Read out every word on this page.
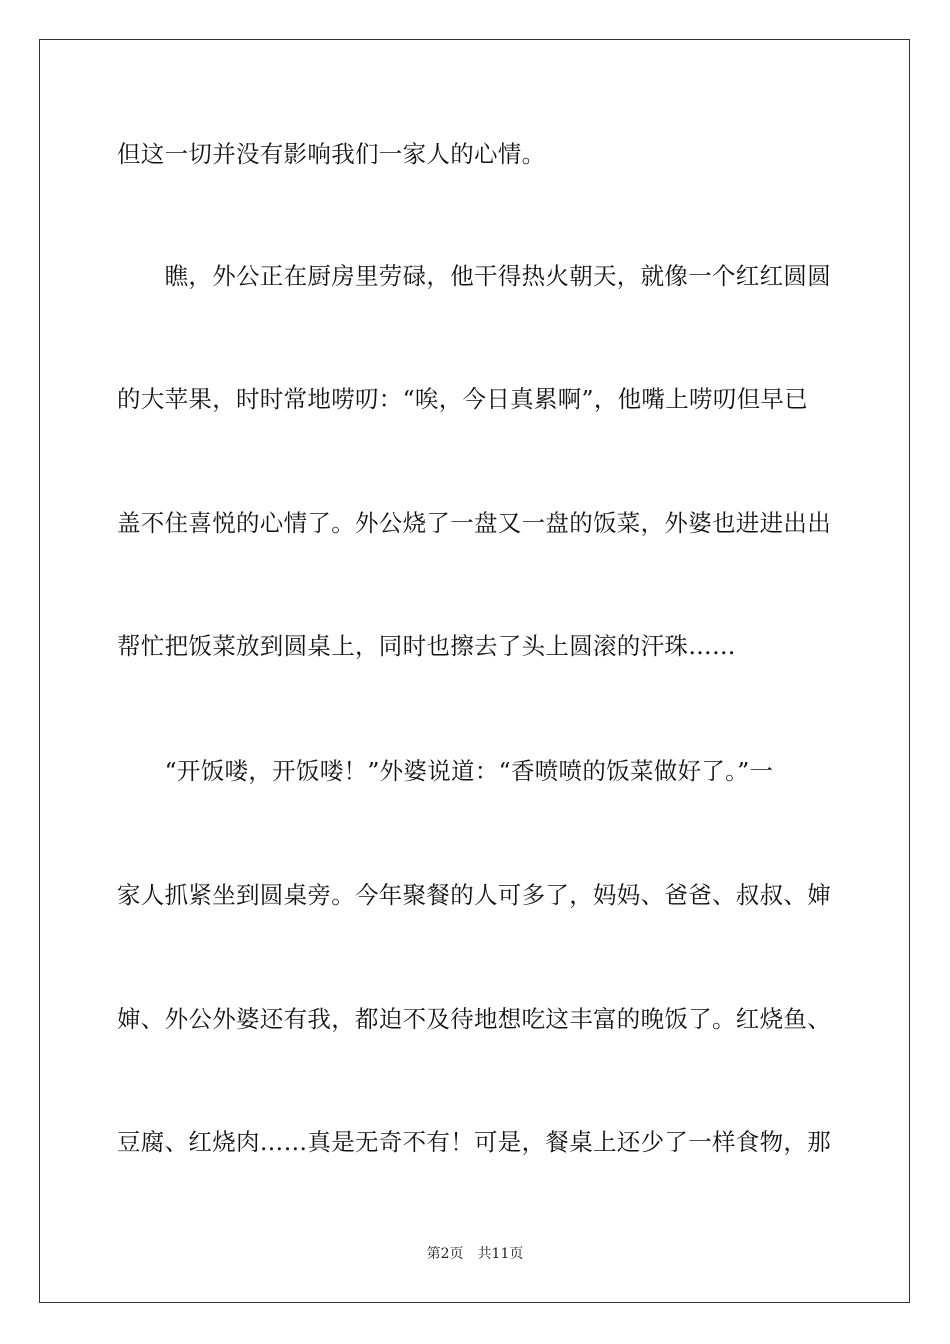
但这一切并没有影响我们一家人的心情。
　　瞧，外公正在厨房里劳碌，他干得热火朝天，就像一个红红圆圆
的大苹果，时时常地唠叨：“唉，今日真累啊”，他嘴上唠叨但早已
盖不住喜悦的心情了。外公烧了一盘又一盘的饭菜，外婆也进进出出
帮忙把饭菜放到圆桌上，同时也擦去了头上圆滚的汗珠……
　　“开饭喽，开饭喽！”外婆说道：“香喷喷的饭菜做好了。”一
家人抓紧坐到圆桌旁。今年聚餐的人可多了，妈妈、爸爸、叔叔、婶
婶、外公外婆还有我，都迫不及待地想吃这丰富的晚饭了。红烧鱼、
豆腐、红烧肉……真是无奇不有！可是，餐桌上还少了一样食物，那
第2页 共11页
